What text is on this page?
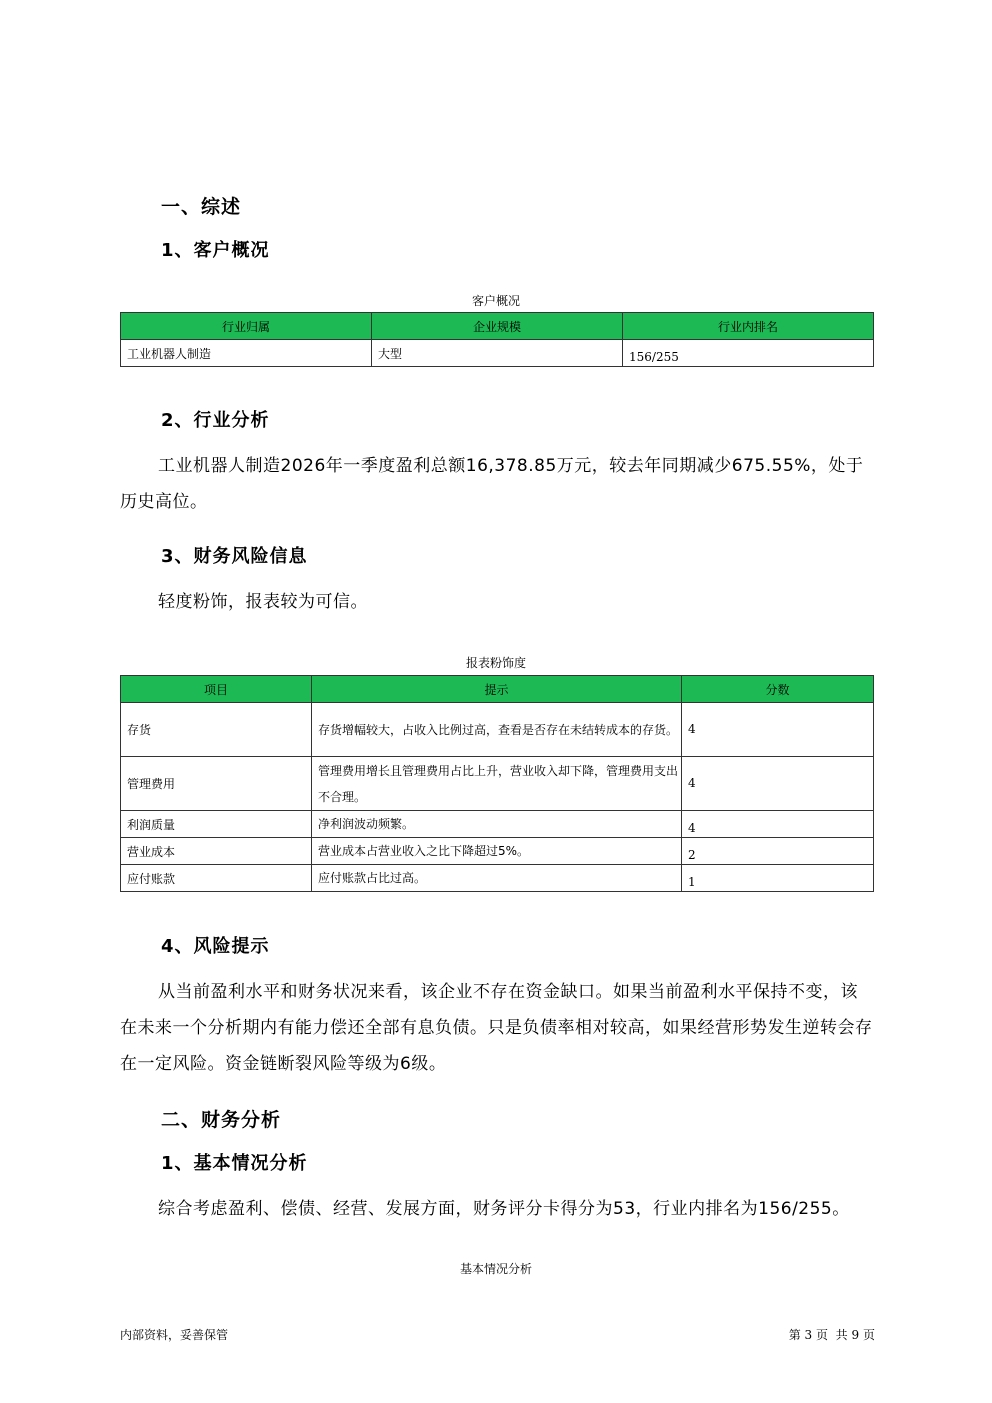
一、综述
1、客户概况
客户概况
行业归属	企业规模	行业内排名
工业机器人制造	大型	156/255
2、行业分析
工业机器人制造2026年一季度盈利总额16,378.85万元，较去年同期减少675.55%，处于历史高位。
3、财务风险信息
轻度粉饰，报表较为可信。
报表粉饰度
项目	提示	分数
存货	存货增幅较大，占收入比例过高，查看是否存在未结转成本的存货。	4
管理费用	管理费用增长且管理费用占比上升，营业收入却下降，管理费用支出不合理。	4
利润质量	净利润波动频繁。	4
营业成本	营业成本占营业收入之比下降超过5%。	2
应付账款	应付账款占比过高。	1
4、风险提示
从当前盈利水平和财务状况来看，该企业不存在资金缺口。如果当前盈利水平保持不变，该在未来一个分析期内有能力偿还全部有息负债。只是负债率相对较高，如果经营形势发生逆转会存在一定风险。资金链断裂风险等级为6级。
二、财务分析
1、基本情况分析
综合考虑盈利、偿债、经营、发展方面，财务评分卡得分为53，行业内排名为156/255。
基本情况分析
内部资料，妥善保管	第 3 页 共 9 页
